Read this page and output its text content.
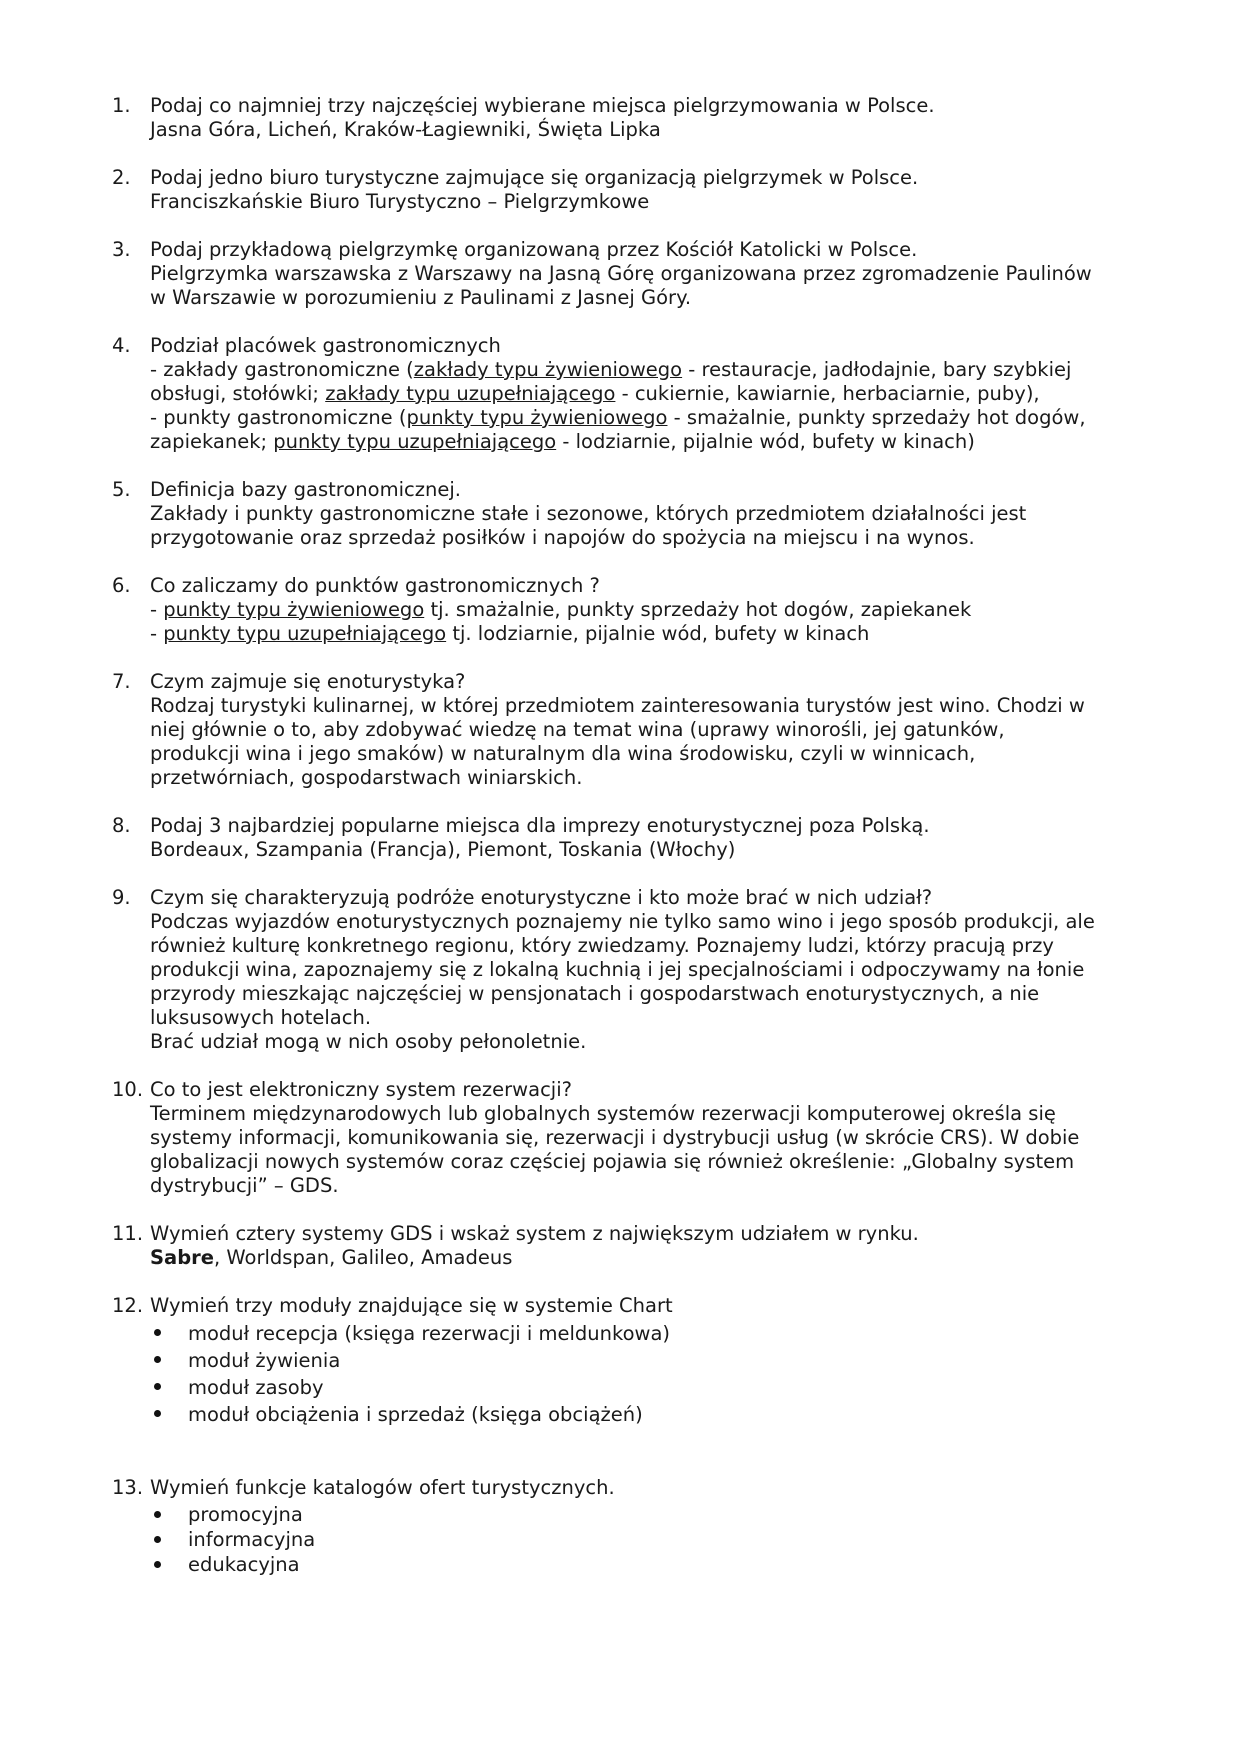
1. Podaj co najmniej trzy najczęściej wybierane miejsca pielgrzymowania w Polsce.
Jasna Góra, Licheń, Kraków-Łagiewniki, Święta Lipka
2. Podaj jedno biuro turystyczne zajmujące się organizacją pielgrzymek w Polsce.
Franciszkańskie Biuro Turystyczno – Pielgrzymkowe
3. Podaj przykładową pielgrzymkę organizowaną przez Kościół Katolicki w Polsce.
Pielgrzymka warszawska z Warszawy na Jasną Górę organizowana przez zgromadzenie Paulinów
w Warszawie w porozumieniu z Paulinami z Jasnej Góry.
4. Podział placówek gastronomicznych
- zakłady gastronomiczne (zakłady typu żywieniowego - restauracje, jadłodajnie, bary szybkiej
obsługi, stołówki; zakłady typu uzupełniającego - cukiernie, kawiarnie, herbaciarnie, puby),
- punkty gastronomiczne (punkty typu żywieniowego - smażalnie, punkty sprzedaży hot dogów,
zapiekanek; punkty typu uzupełniającego - lodziarnie, pijalnie wód, bufety w kinach)
5. Definicja bazy gastronomicznej.
Zakłady i punkty gastronomiczne stałe i sezonowe, których przedmiotem działalności jest
przygotowanie oraz sprzedaż posiłków i napojów do spożycia na miejscu i na wynos.
6. Co zaliczamy do punktów gastronomicznych ?
- punkty typu żywieniowego tj. smażalnie, punkty sprzedaży hot dogów, zapiekanek
- punkty typu uzupełniającego tj. lodziarnie, pijalnie wód, bufety w kinach
7. Czym zajmuje się enoturystyka?
Rodzaj turystyki kulinarnej, w której przedmiotem zainteresowania turystów jest wino. Chodzi w
niej głównie o to, aby zdobywać wiedzę na temat wina (uprawy winorośli, jej gatunków,
produkcji wina i jego smaków) w naturalnym dla wina środowisku, czyli w winnicach,
przetwórniach, gospodarstwach winiarskich.
8. Podaj 3 najbardziej popularne miejsca dla imprezy enoturystycznej poza Polską.
Bordeaux, Szampania (Francja), Piemont, Toskania (Włochy)
9. Czym się charakteryzują podróże enoturystyczne i kto może brać w nich udział?
Podczas wyjazdów enoturystycznych poznajemy nie tylko samo wino i jego sposób produkcji, ale
również kulturę konkretnego regionu, który zwiedzamy. Poznajemy ludzi, którzy pracują przy
produkcji wina, zapoznajemy się z lokalną kuchnią i jej specjalnościami i odpoczywamy na łonie
przyrody mieszkając najczęściej w pensjonatach i gospodarstwach enoturystycznych, a nie
luksusowych hotelach.
Brać udział mogą w nich osoby pełonoletnie.
10. Co to jest elektroniczny system rezerwacji?
Terminem międzynarodowych lub globalnych systemów rezerwacji komputerowej określa się
systemy informacji, komunikowania się, rezerwacji i dystrybucji usług (w skrócie CRS). W dobie
globalizacji nowych systemów coraz częściej pojawia się również określenie: „Globalny system
dystrybucji” – GDS.
11. Wymień cztery systemy GDS i wskaż system z największym udziałem w rynku.
Sabre, Worldspan, Galileo, Amadeus
12. Wymień trzy moduły znajdujące się w systemie Chart
moduł recepcja (księga rezerwacji i meldunkowa)
moduł żywienia
moduł zasoby
moduł obciążenia i sprzedaż (księga obciążeń)
13. Wymień funkcje katalogów ofert turystycznych.
promocyjna
informacyjna
edukacyjna
